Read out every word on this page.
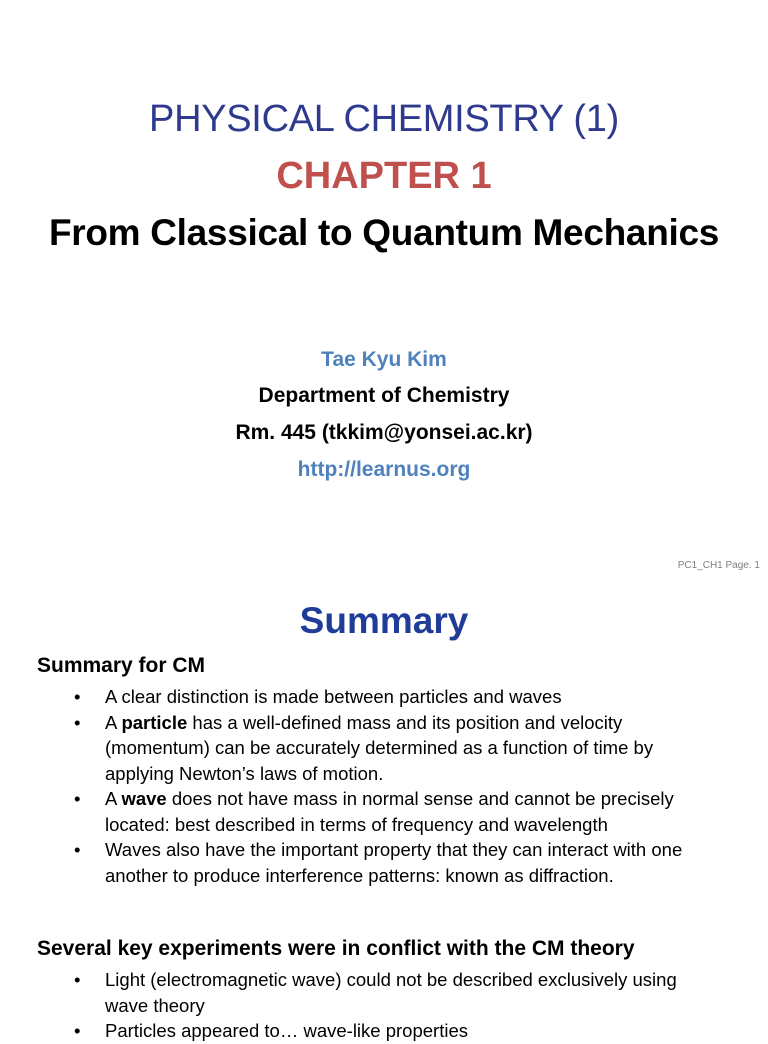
PHYSICAL CHEMISTRY (1)
CHAPTER 1
From Classical to Quantum Mechanics
Tae Kyu Kim
Department of Chemistry
Rm. 445 (tkkim@yonsei.ac.kr)
http://learnus.org
PC1_CH1 Page. 1
Summary
Summary for CM
• A clear distinction is made between particles and waves
• A particle has a well-defined mass and its position and velocity (momentum) can be accurately determined as a function of time by applying Newton’s laws of motion.
• A wave does not have mass in normal sense and cannot be precisely located: best described in terms of frequency and wavelength
• Waves also have the important property that they can interact with one another to produce interference patterns: known as diffraction.
Several key experiments were in conflict with the CM theory
• Light (electromagnetic wave) could not be described exclusively using wave theory
• Particles appeared to… wave-like properties
